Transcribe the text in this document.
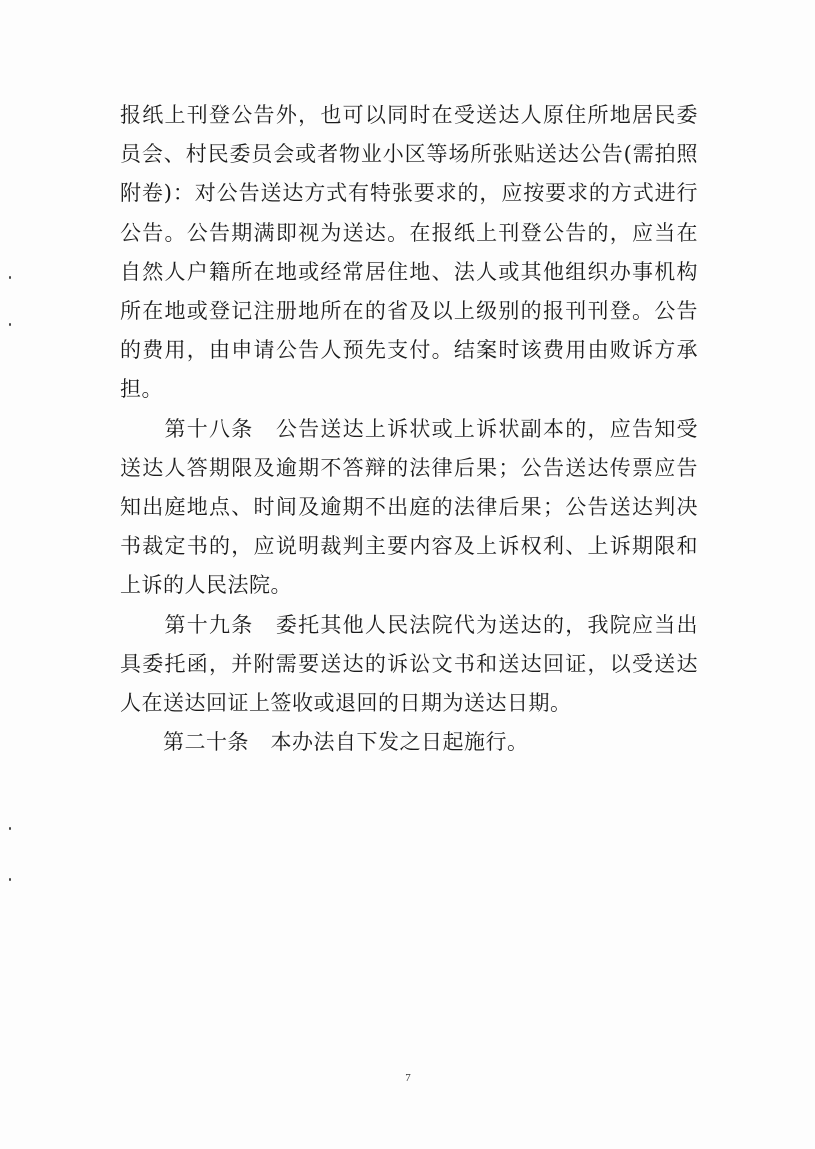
报纸上刊登公告外，也可以同时在受送达人原住所地居民委员会、村民委员会或者物业小区等场所张贴送达公告(需拍照附卷)：对公告送达方式有特张要求的，应按要求的方式进行公告。公告期满即视为送达。在报纸上刊登公告的，应当在自然人户籍所在地或经常居住地、法人或其他组织办事机构所在地或登记注册地所在的省及以上级别的报刊刊登。公告的费用，由申请公告人预先支付。结案时该费用由败诉方承担。

　　第十八条　公告送达上诉状或上诉状副本的，应告知受送达人答期限及逾期不答辩的法律后果；公告送达传票应告知出庭地点、时间及逾期不出庭的法律后果；公告送达判决书裁定书的，应说明裁判主要内容及上诉权利、上诉期限和上诉的人民法院。

　　第十九条　委托其他人民法院代为送达的，我院应当出具委托函，并附需要送达的诉讼文书和送达回证，以受送达人在送达回证上签收或退回的日期为送达日期。

　　第二十条　本办法自下发之日起施行。

7
